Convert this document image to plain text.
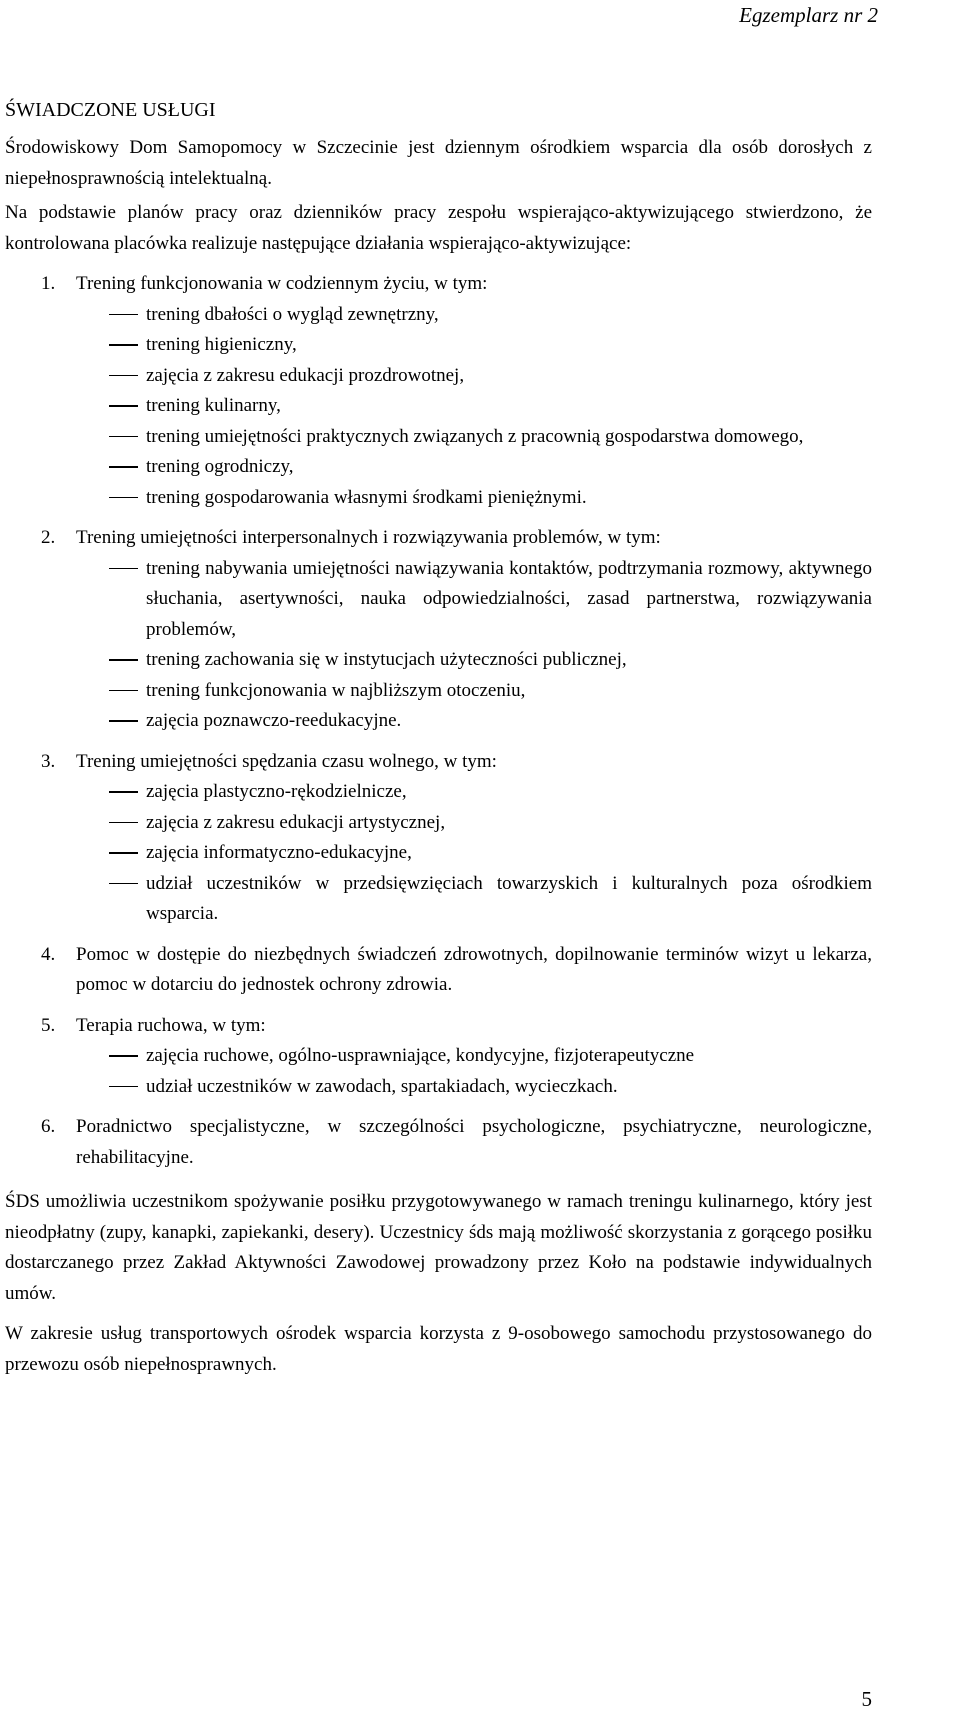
Egzemplarz nr 2
ŚWIADCZONE USŁUGI

Środowiskowy Dom Samopomocy w Szczecinie jest dziennym ośrodkiem wsparcia dla osób dorosłych z niepełnosprawnością intelektualną.

Na podstawie planów pracy oraz dzienników pracy zespołu wspierająco-aktywizującego stwierdzono, że kontrolowana placówka realizuje następujące działania wspierająco-aktywizujące:

1. Trening funkcjonowania w codziennym życiu, w tym:
trening dbałości o wygląd zewnętrzny,
trening higieniczny,
zajęcia z zakresu edukacji prozdrowotnej,
trening kulinarny,
trening umiejętności praktycznych związanych z pracownią gospodarstwa domowego,
trening ogrodniczy,
trening gospodarowania własnymi środkami pieniężnymi.
2. Trening umiejętności interpersonalnych i rozwiązywania problemów, w tym:
trening nabywania umiejętności nawiązywania kontaktów, podtrzymania rozmowy, aktywnego słuchania, asertywności, nauka odpowiedzialności, zasad partnerstwa, rozwiązywania problemów,
trening zachowania się w instytucjach użyteczności publicznej,
trening funkcjonowania w najbliższym otoczeniu,
zajęcia poznawczo-reedukacyjne.
3. Trening umiejętności spędzania czasu wolnego, w tym:
zajęcia plastyczno-rękodzielnicze,
zajęcia z zakresu edukacji artystycznej,
zajęcia informatyczno-edukacyjne,
udział uczestników w przedsięwzięciach towarzyskich i kulturalnych poza ośrodkiem wsparcia.
4. Pomoc w dostępie do niezbędnych świadczeń zdrowotnych, dopilnowanie terminów wizyt u lekarza, pomoc w dotarciu do jednostek ochrony zdrowia.
5. Terapia ruchowa, w tym:
zajęcia ruchowe, ogólno-usprawniające, kondycyjne, fizjoterapeutyczne
udział uczestników w zawodach, spartakiadach, wycieczkach.
6. Poradnictwo specjalistyczne, w szczególności psychologiczne, psychiatryczne, neurologiczne, rehabilitacyjne.

ŚDS umożliwia uczestnikom spożywanie posiłku przygotowywanego w ramach treningu kulinarnego, który jest nieodpłatny (zupy, kanapki, zapiekanki, desery). Uczestnicy śds mają możliwość skorzystania z gorącego posiłku dostarczanego przez Zakład Aktywności Zawodowej prowadzony przez Koło na podstawie indywidualnych umów.

W zakresie usług transportowych ośrodek wsparcia korzysta z 9-osobowego samochodu przystosowanego do przewozu osób niepełnosprawnych.

5
